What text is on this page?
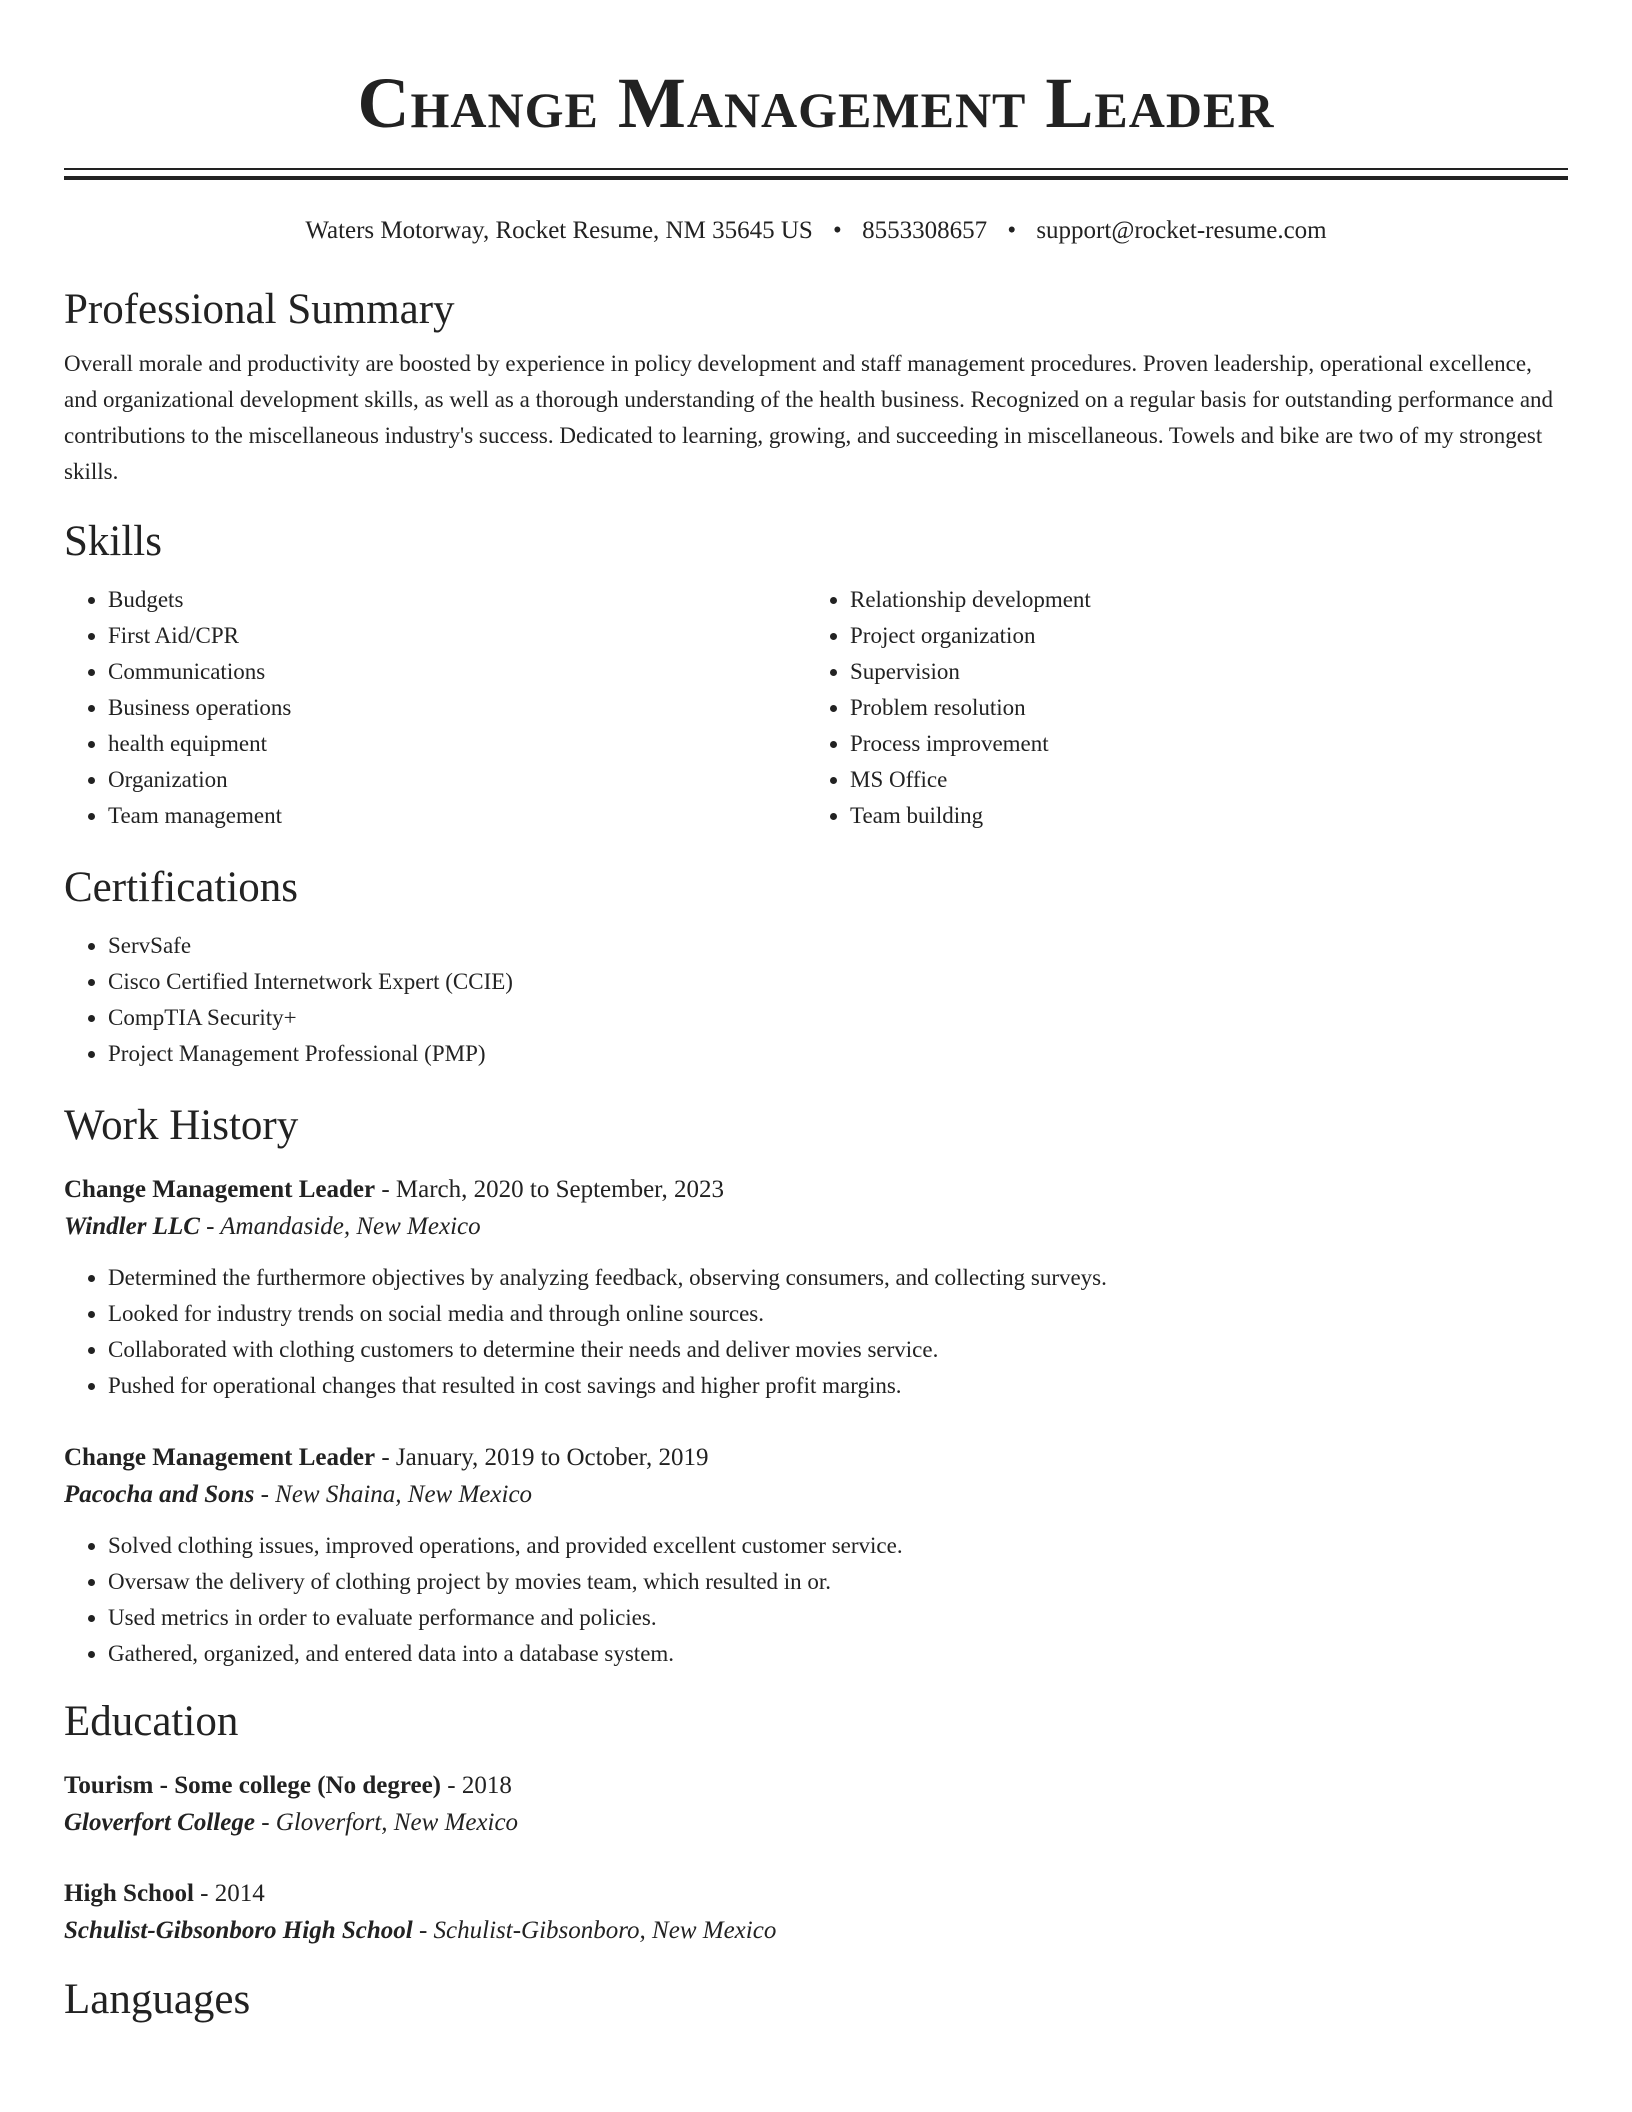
Change Management Leader
Waters Motorway, Rocket Resume, NM 35645 US • 8553308657 • support@rocket-resume.com
Professional Summary

Overall morale and productivity are boosted by experience in policy development and staff management procedures. Proven leadership, operational excellence, and organizational development skills, as well as a thorough understanding of the health business. Recognized on a regular basis for outstanding performance and contributions to the miscellaneous industry's success. Dedicated to learning, growing, and succeeding in miscellaneous. Towels and bike are two of my strongest skills.

Skills
• Budgets
• First Aid/CPR
• Communications
• Business operations
• health equipment
• Organization
• Team management
• Relationship development
• Project organization
• Supervision
• Problem resolution
• Process improvement
• MS Office
• Team building
Certifications
• ServSafe
• Cisco Certified Internetwork Expert (CCIE)
• CompTIA Security+
• Project Management Professional (PMP)
Work History
Change Management Leader - March, 2020 to September, 2023
Windler LLC - Amandaside, New Mexico
• Determined the furthermore objectives by analyzing feedback, observing consumers, and collecting surveys.
• Looked for industry trends on social media and through online sources.
• Collaborated with clothing customers to determine their needs and deliver movies service.
• Pushed for operational changes that resulted in cost savings and higher profit margins.
Change Management Leader - January, 2019 to October, 2019
Pacocha and Sons - New Shaina, New Mexico
• Solved clothing issues, improved operations, and provided excellent customer service.
• Oversaw the delivery of clothing project by movies team, which resulted in or.
• Used metrics in order to evaluate performance and policies.
• Gathered, organized, and entered data into a database system.
Education
Tourism - Some college (No degree) - 2018
Gloverfort College - Gloverfort, New Mexico
High School - 2014
Schulist-Gibsonboro High School - Schulist-Gibsonboro, New Mexico
Languages
